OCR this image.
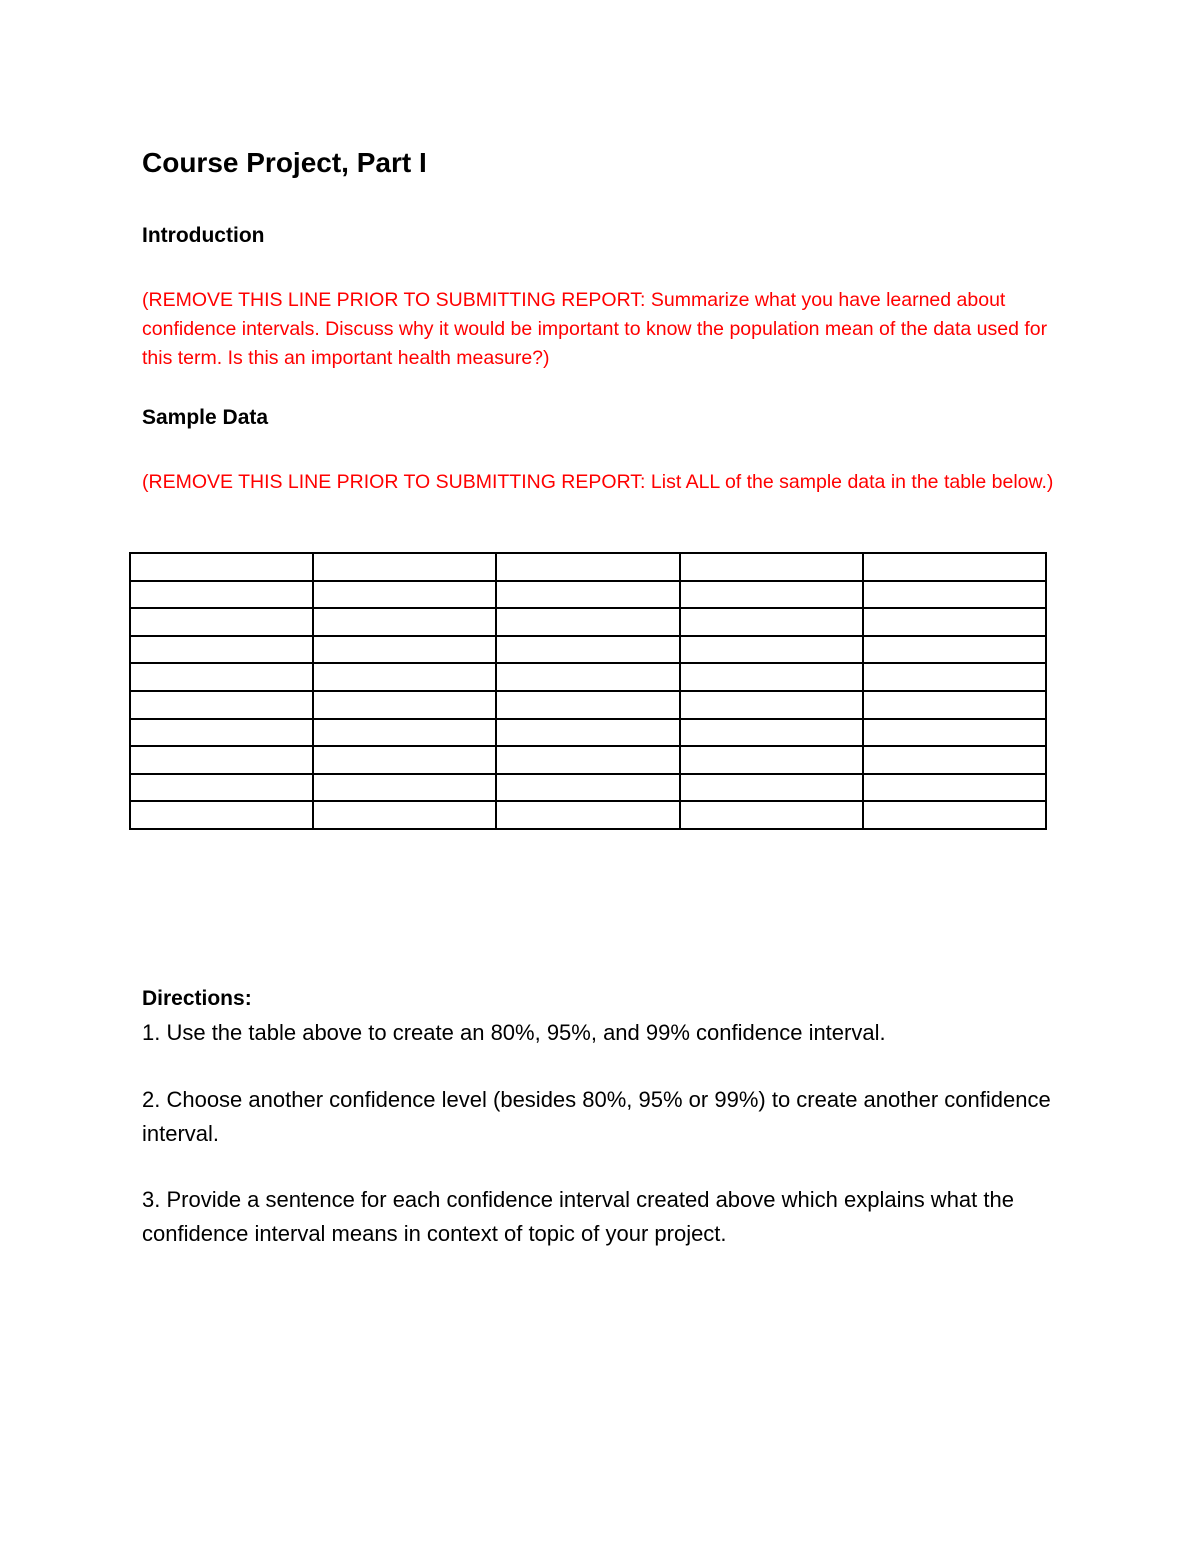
Course Project, Part I
Introduction

(REMOVE THIS LINE PRIOR TO SUBMITTING REPORT: Summarize what you have learned about confidence intervals. Discuss why it would be important to know the population mean of the data used for this term. Is this an important health measure?)

Sample Data

(REMOVE THIS LINE PRIOR TO SUBMITTING REPORT: List ALL of the sample data in the table below.)

Directions:

1. Use the table above to create an 80%, 95%, and 99% confidence interval.

2. Choose another confidence level (besides 80%, 95% or 99%) to create another confidence interval.

3. Provide a sentence for each confidence interval created above which explains what the confidence interval means in context of topic of your project.
